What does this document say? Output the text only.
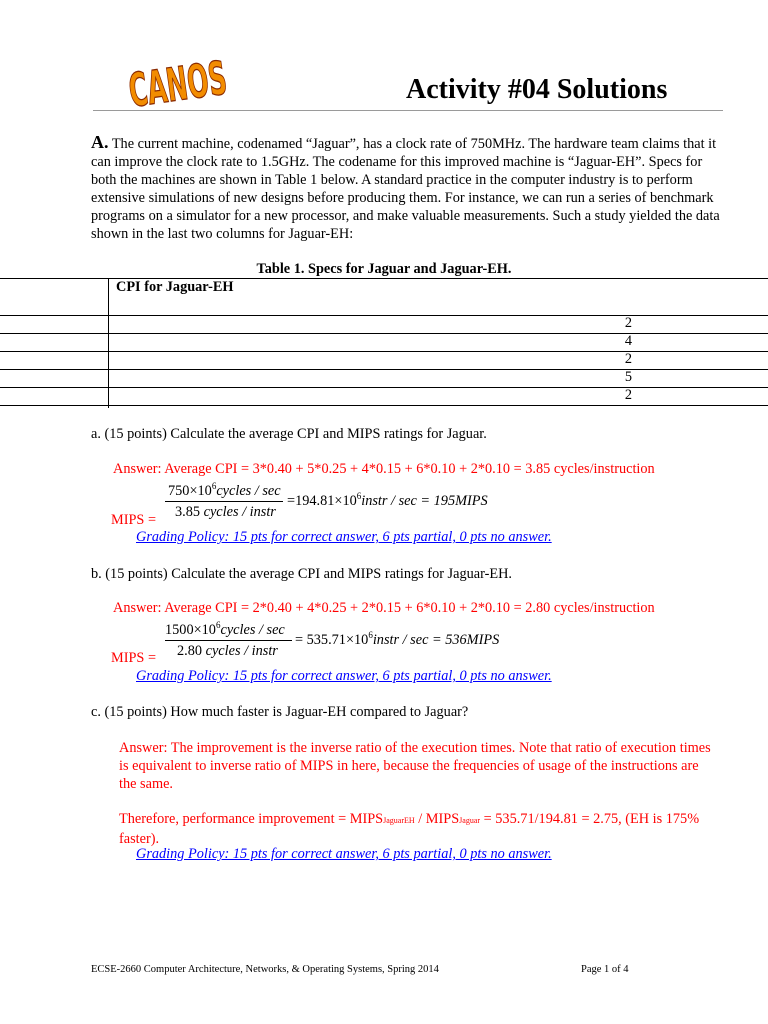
CANOS	Activity #04 Solutions
A. The current machine, codenamed “Jaguar”, has a clock rate of 750MHz. The hardware team claims that it can improve the clock rate to 1.5GHz. The codename for this improved machine is “Jaguar-EH”. Specs for both the machines are shown in Table 1 below. A standard practice in the computer industry is to perform extensive simulations of new designs before producing them. For instance, we can run a series of benchmark programs on a simulator for a new processor, and make valuable measurements. Such a study yielded the data shown in the last two columns for Jaguar-EH:
Table 1. Specs for Jaguar and Jaguar-EH.
CPI for Jaguar-EH
2
4
2
5
2
a. (15 points) Calculate the average CPI and MIPS ratings for Jaguar.
Answer: Average CPI = 3*0.40 + 5*0.25 + 4*0.15 + 6*0.10 + 2*0.10 = 3.85 cycles/instruction
MIPS =
$750\times 10^6cycles / \sec$
3.85 cycles / instr
$=194.81\times 10^6instr / \sec$ = 195MIPS
Grading Policy: 15 pts for correct answer, 6 pts partial, 0 pts no answer.
b. (15 points) Calculate the average CPI and MIPS ratings for Jaguar-EH.
Answer: Average CPI = 2*0.40 + 4*0.25 + 2*0.15 + 6*0.10 + 2*0.10 = 2.80 cycles/instruction
MIPS =
$1500\times 10^6cycles / \sec$
2.80 cycles / instr
= $535.71\times 10^6instr / \sec$ = 536MIPS
Grading Policy: 15 pts for correct answer, 6 pts partial, 0 pts no answer.
c. (15 points) How much faster is Jaguar-EH compared to Jaguar?
Answer: The improvement is the inverse ratio of the execution times. Note that ratio of execution times is equivalent to inverse ratio of MIPS in here, because the frequencies of usage of the instructions are the same.
Therefore, performance improvement = MIPSJaguarEH / MIPSJaguar = 535.71/194.81 = 2.75, (EH is 175% faster).
Grading Policy: 15 pts for correct answer, 6 pts partial, 0 pts no answer.
ECSE-2660 Computer Architecture, Networks, & Operating Systems, Spring 2014	Page 1 of 4
